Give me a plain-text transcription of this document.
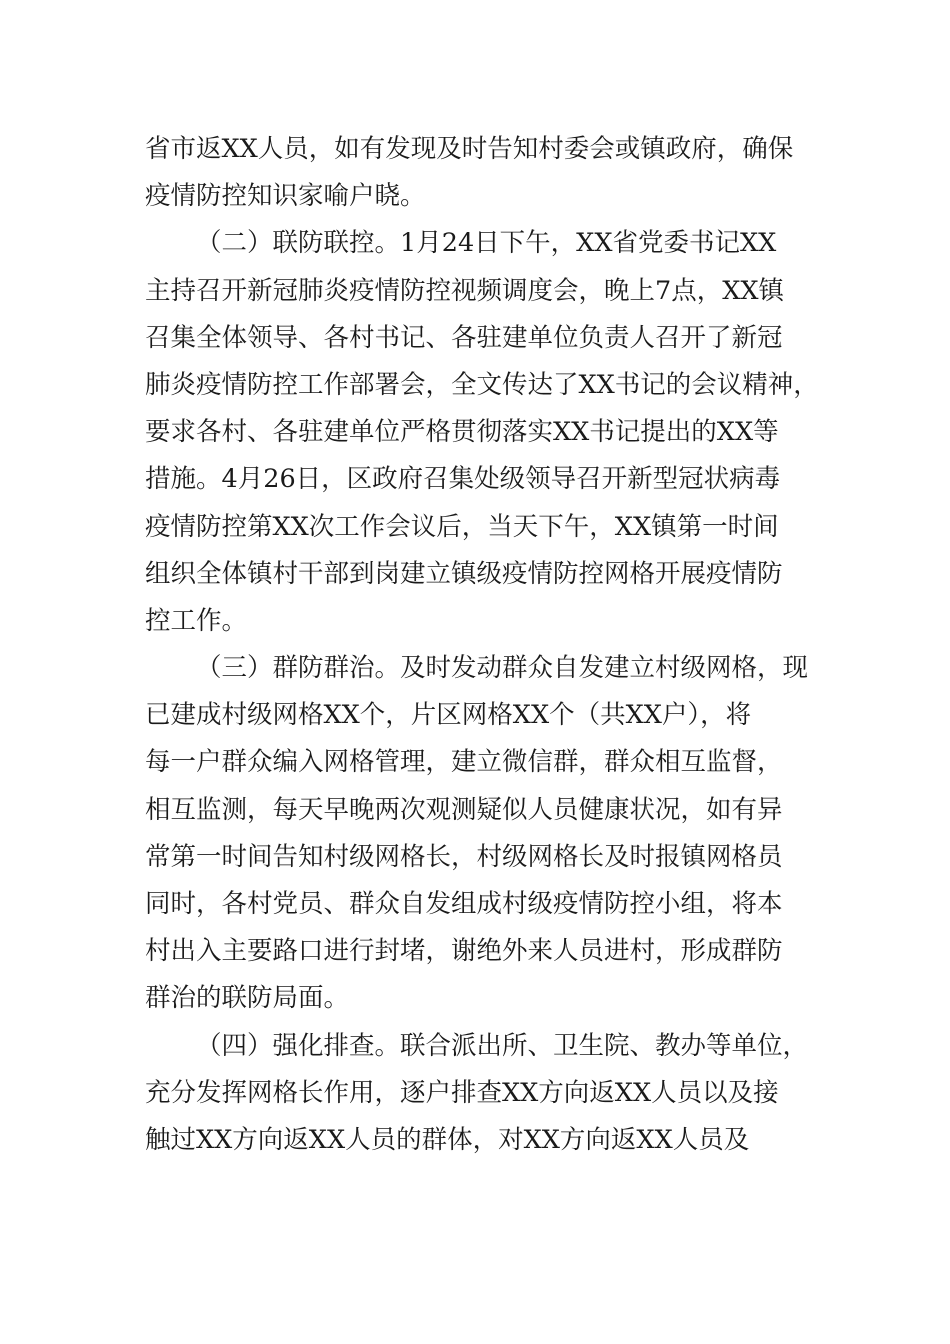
省市返XX人员，如有发现及时告知村委会或镇政府，确保
疫情防控知识家喻户晓。
（二）联防联控。1月24日下午，XX省党委书记XX
主持召开新冠肺炎疫情防控视频调度会，晚上7点，XX镇
召集全体领导、各村书记、各驻建单位负责人召开了新冠
肺炎疫情防控工作部署会，全文传达了XX书记的会议精神，
要求各村、各驻建单位严格贯彻落实XX书记提出的XX等
措施。4月26日，区政府召集处级领导召开新型冠状病毒
疫情防控第XX次工作会议后，当天下午，XX镇第一时间
组织全体镇村干部到岗建立镇级疫情防控网格开展疫情防
控工作。
（三）群防群治。及时发动群众自发建立村级网格，现
已建成村级网格XX个，片区网格XX个（共XX户），将
每一户群众编入网格管理，建立微信群，群众相互监督，
相互监测，每天早晚两次观测疑似人员健康状况，如有异
常第一时间告知村级网格长，村级网格长及时报镇网格员
同时，各村党员、群众自发组成村级疫情防控小组，将本
村出入主要路口进行封堵，谢绝外来人员进村，形成群防
群治的联防局面。
（四）强化排查。联合派出所、卫生院、教办等单位，
充分发挥网格长作用，逐户排查XX方向返XX人员以及接
触过XX方向返XX人员的群体，对XX方向返XX人员及
